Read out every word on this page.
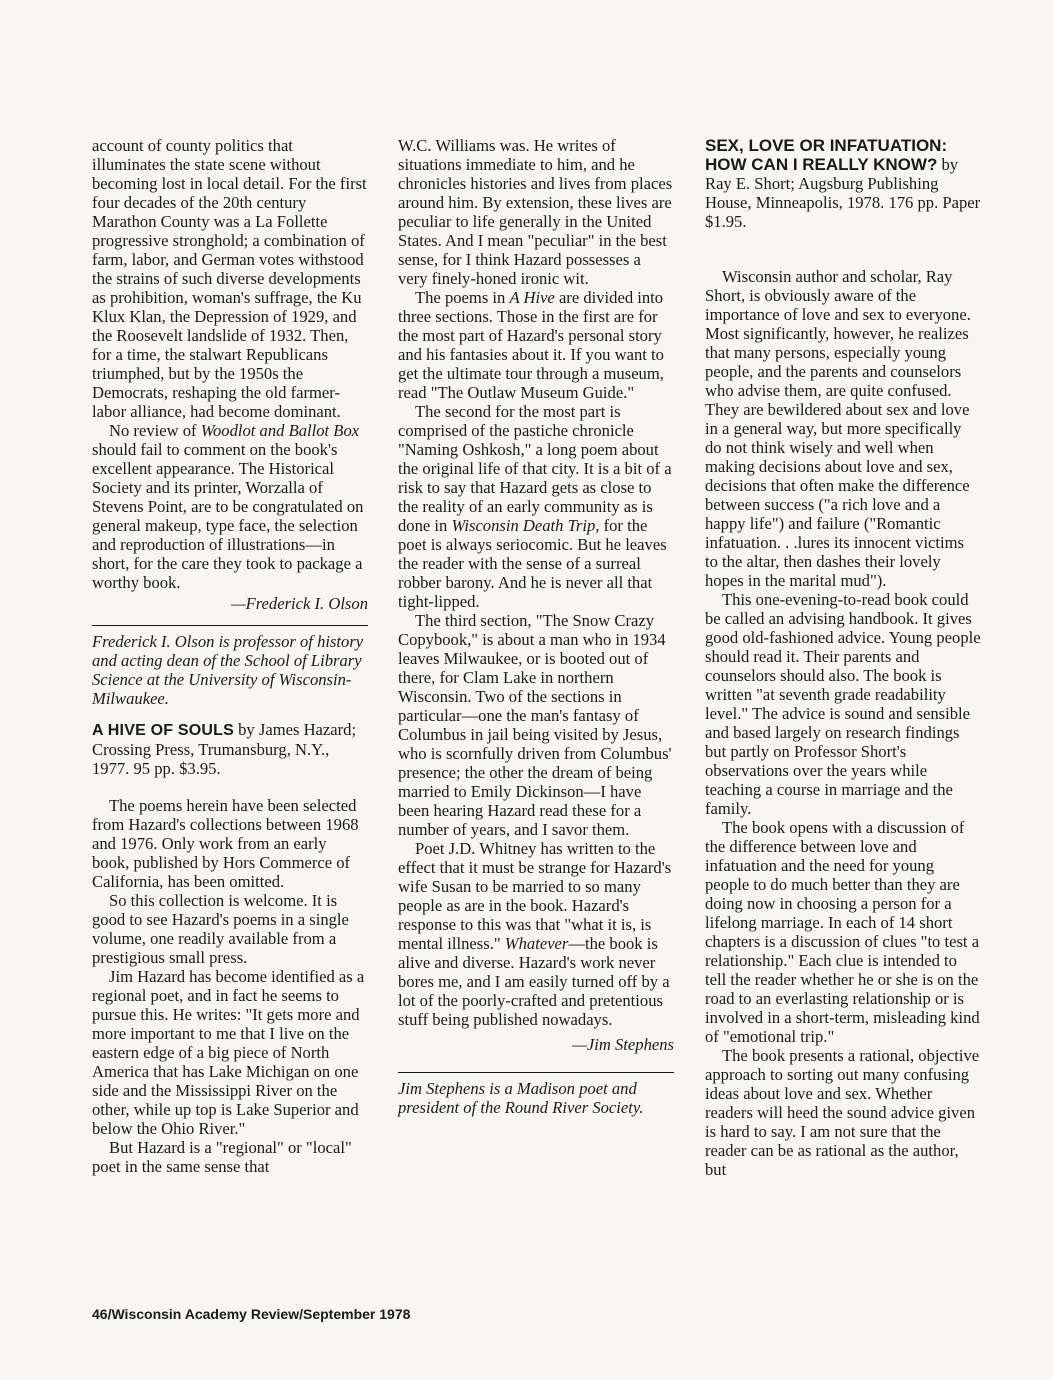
account of county politics that illuminates the state scene without becoming lost in local detail. For the first four decades of the 20th century Marathon County was a La Follette progressive stronghold; a combination of farm, labor, and German votes withstood the strains of such diverse developments as prohibition, woman's suffrage, the Ku Klux Klan, the Depression of 1929, and the Roosevelt landslide of 1932. Then, for a time, the stalwart Republicans triumphed, but by the 1950s the Democrats, reshaping the old farmer-labor alliance, had become dominant.

No review of Woodlot and Ballot Box should fail to comment on the book's excellent appearance. The Historical Society and its printer, Worzalla of Stevens Point, are to be congratulated on general makeup, type face, the selection and reproduction of illustrations—in short, for the care they took to package a worthy book.

—Frederick I. Olson

Frederick I. Olson is professor of history and acting dean of the School of Library Science at the University of Wisconsin-Milwaukee.

A HIVE OF SOULS by James Hazard; Crossing Press, Trumansburg, N.Y., 1977. 95 pp. $3.95.

The poems herein have been selected from Hazard's collections between 1968 and 1976. Only work from an early book, published by Hors Commerce of California, has been omitted.

So this collection is welcome. It is good to see Hazard's poems in a single volume, one readily available from a prestigious small press.

Jim Hazard has become identified as a regional poet, and in fact he seems to pursue this. He writes: "It gets more and more important to me that I live on the eastern edge of a big piece of North America that has Lake Michigan on one side and the Mississippi River on the other, while up top is Lake Superior and below the Ohio River."

But Hazard is a "regional" or "local" poet in the same sense that

W.C. Williams was. He writes of situations immediate to him, and he chronicles histories and lives from places around him. By extension, these lives are peculiar to life generally in the United States. And I mean "peculiar" in the best sense, for I think Hazard possesses a very finely-honed ironic wit.

The poems in A Hive are divided into three sections. Those in the first are for the most part of Hazard's personal story and his fantasies about it. If you want to get the ultimate tour through a museum, read "The Outlaw Museum Guide."

The second for the most part is comprised of the pastiche chronicle "Naming Oshkosh," a long poem about the original life of that city. It is a bit of a risk to say that Hazard gets as close to the reality of an early community as is done in Wisconsin Death Trip, for the poet is always seriocomic. But he leaves the reader with the sense of a surreal robber barony. And he is never all that tight-lipped.

The third section, "The Snow Crazy Copybook," is about a man who in 1934 leaves Milwaukee, or is booted out of there, for Clam Lake in northern Wisconsin. Two of the sections in particular—one the man's fantasy of Columbus in jail being visited by Jesus, who is scornfully driven from Columbus' presence; the other the dream of being married to Emily Dickinson—I have been hearing Hazard read these for a number of years, and I savor them.

Poet J.D. Whitney has written to the effect that it must be strange for Hazard's wife Susan to be married to so many people as are in the book. Hazard's response to this was that "what it is, is mental illness." Whatever—the book is alive and diverse. Hazard's work never bores me, and I am easily turned off by a lot of the poorly-crafted and pretentious stuff being published nowadays.

—Jim Stephens

Jim Stephens is a Madison poet and president of the Round River Society.

SEX, LOVE OR INFATUATION: HOW CAN I REALLY KNOW? by Ray E. Short; Augsburg Publishing House, Minneapolis, 1978. 176 pp. Paper $1.95.

Wisconsin author and scholar, Ray Short, is obviously aware of the importance of love and sex to everyone. Most significantly, however, he realizes that many persons, especially young people, and the parents and counselors who advise them, are quite confused. They are bewildered about sex and love in a general way, but more specifically do not think wisely and well when making decisions about love and sex, decisions that often make the difference between success ("a rich love and a happy life") and failure ("Romantic infatuation. . .lures its innocent victims to the altar, then dashes their lovely hopes in the marital mud").

This one-evening-to-read book could be called an advising handbook. It gives good old-fashioned advice. Young people should read it. Their parents and counselors should also. The book is written "at seventh grade readability level." The advice is sound and sensible and based largely on research findings but partly on Professor Short's observations over the years while teaching a course in marriage and the family.

The book opens with a discussion of the difference between love and infatuation and the need for young people to do much better than they are doing now in choosing a person for a lifelong marriage. In each of 14 short chapters is a discussion of clues "to test a relationship." Each clue is intended to tell the reader whether he or she is on the road to an everlasting relationship or is involved in a short-term, misleading kind of "emotional trip."

The book presents a rational, objective approach to sorting out many confusing ideas about love and sex. Whether readers will heed the sound advice given is hard to say. I am not sure that the reader can be as rational as the author, but

46/Wisconsin Academy Review/September 1978
